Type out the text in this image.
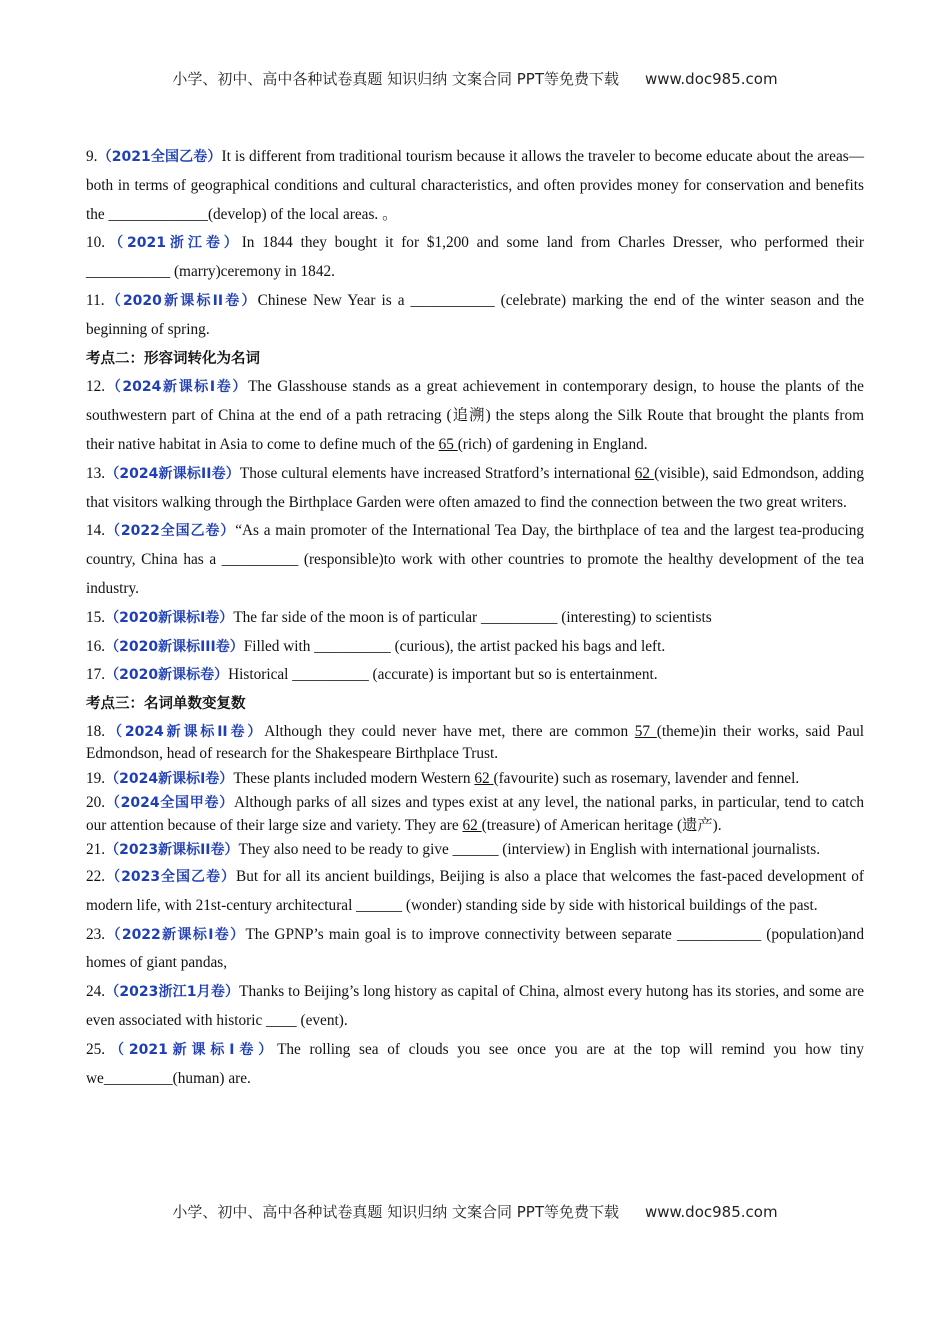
小学、初中、高中各种试卷真题 知识归纳 文案合同 PPT等免费下载 www.doc985.com

9.（2021全国乙卷）It is different from traditional tourism because it allows the traveler to become educate about the areas—both in terms of geographical conditions and cultural characteristics, and often provides money for conservation and benefits the _____________(develop) of the local areas. 。

10.（2021浙江卷）In 1844 they bought it for $1,200 and some land from Charles Dresser, who performed their ___________ (marry)ceremony in 1842.

11.（2020新课标II卷）Chinese New Year is a ___________ (celebrate) marking the end of the winter season and the beginning of spring.

考点二：形容词转化为名词

12.（2024新课标I卷）The Glasshouse stands as a great achievement in contemporary design, to house the plants of the southwestern part of China at the end of a path retracing (追溯) the steps along the Silk Route that brought the plants from their native habitat in Asia to come to define much of the 65 (rich) of gardening in England.

13.（2024新课标II卷）Those cultural elements have increased Stratford’s international 62 (visible), said Edmondson, adding that visitors walking through the Birthplace Garden were often amazed to find the connection between the two great writers.

14.（2022全国乙卷）“As a main promoter of the International Tea Day, the birthplace of tea and the largest tea-producing country, China has a __________ (responsible)to work with other countries to promote the healthy development of the tea industry.

15.（2020新课标I卷）The far side of the moon is of particular __________ (interesting) to scientists

16.（2020新课标III卷）Filled with __________ (curious), the artist packed his bags and left.

17.（2020新课标卷）Historical __________ (accurate) is important but so is entertainment.

考点三：名词单数变复数

18.（2024新课标II卷）Although they could never have met, there are common 57 (theme)in their works, said Paul Edmondson, head of research for the Shakespeare Birthplace Trust.

19.（2024新课标I卷）These plants included modern Western 62 (favourite) such as rosemary, lavender and fennel.

20.（2024全国甲卷）Although parks of all sizes and types exist at any level, the national parks, in particular, tend to catch our attention because of their large size and variety. They are 62 (treasure) of American heritage (遗产).

21.（2023新课标II卷）They also need to be ready to give ______ (interview) in English with international journalists.

22.（2023全国乙卷）But for all its ancient buildings, Beijing is also a place that welcomes the fast-paced development of modern life, with 21st-century architectural ______ (wonder) standing side by side with historical buildings of the past.

23.（2022新课标I卷）The GPNP’s main goal is to improve connectivity between separate ___________ (population)and homes of giant pandas,

24.（2023浙江1月卷）Thanks to Beijing’s long history as capital of China, almost every hutong has its stories, and some are even associated with historic ____ (event).

25.（2021新课标I卷）The rolling sea of clouds you see once you are at the top will remind you how tiny we_________(human) are.

小学、初中、高中各种试卷真题 知识归纳 文案合同 PPT等免费下载 www.doc985.com
